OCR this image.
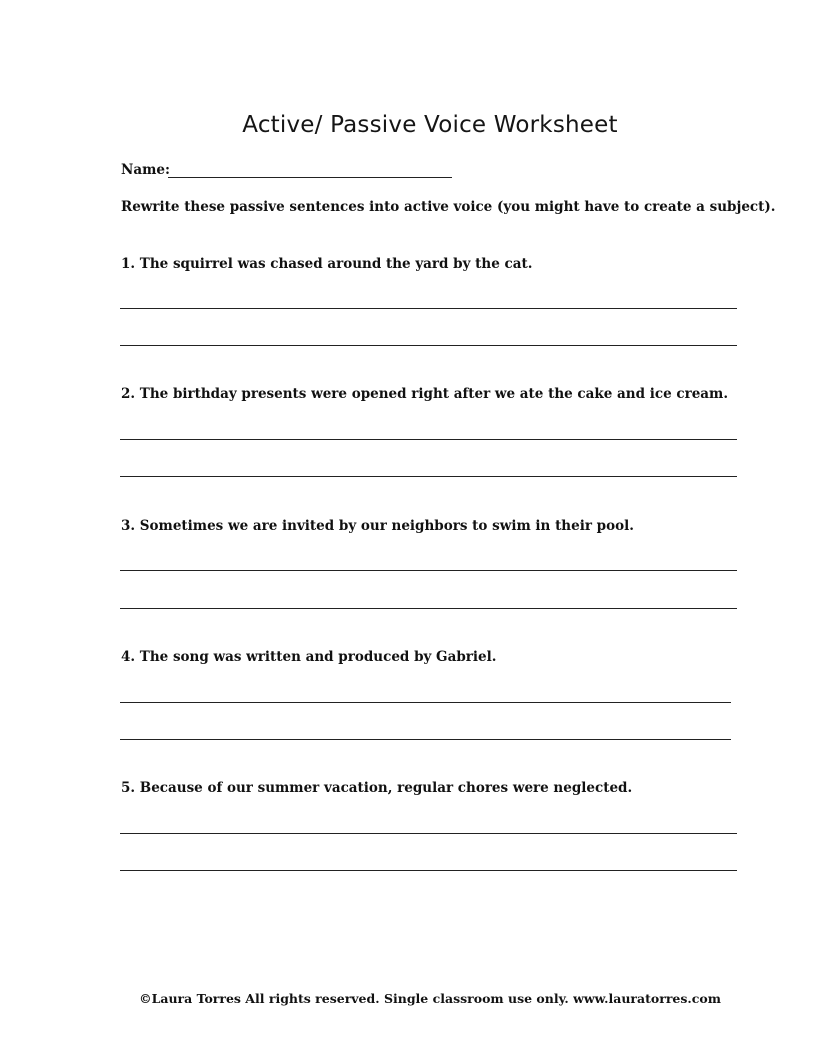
Active/ Passive Voice Worksheet
Name:
Rewrite these passive sentences into active voice (you might have to create a subject).
1. The squirrel was chased around the yard by the cat.
2. The birthday presents were opened right after we ate the cake and ice cream.
3. Sometimes we are invited by our neighbors to swim in their pool.
4. The song was written and produced by Gabriel.
5. Because of our summer vacation, regular chores were neglected.
©Laura Torres All rights reserved. Single classroom use only. www.lauratorres.com
